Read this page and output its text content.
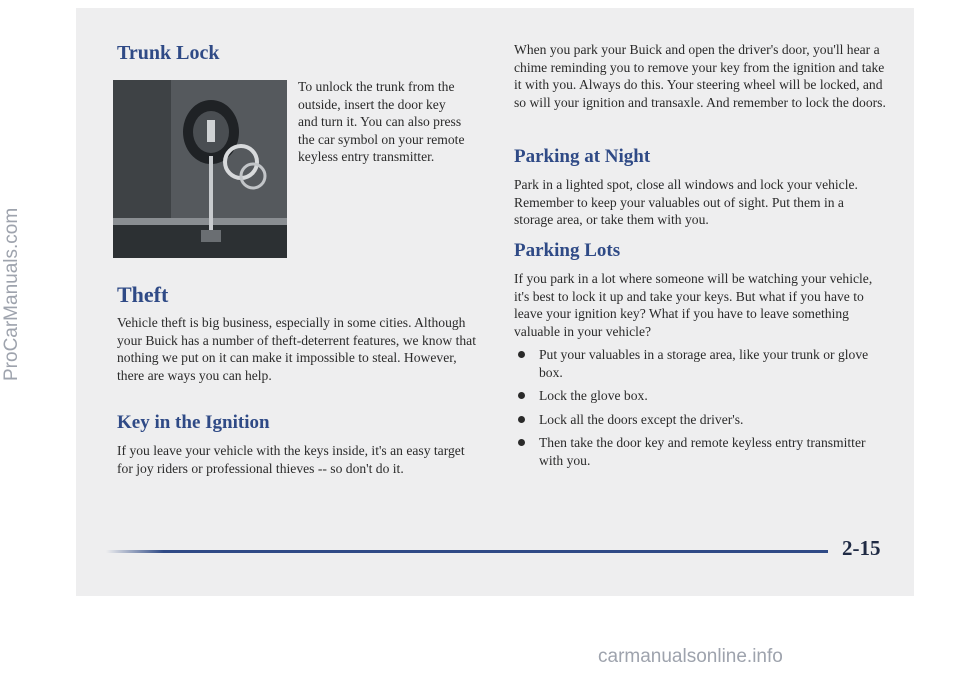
Trunk Lock

To unlock the trunk from the outside, insert the door key and turn it. You can also press the car symbol on your remote keyless entry transmitter.

Theft

Vehicle theft is big business, especially in some cities. Although your Buick has a number of theft-deterrent features, we know that nothing we put on it can make it impossible to steal. However, there are ways you can help.

Key in the Ignition

If you leave your vehicle with the keys inside, it's an easy target for joy riders or professional thieves -- so don't do it.

When you park your Buick and open the driver's door, you'll hear a chime reminding you to remove your key from the ignition and take it with you. Always do this. Your steering wheel will be locked, and so will your ignition and transaxle. And remember to lock the doors.

Parking at Night

Park in a lighted spot, close all windows and lock your vehicle. Remember to keep your valuables out of sight. Put them in a storage area, or take them with you.

Parking Lots

If you park in a lot where someone will be watching your vehicle, it's best to lock it up and take your keys. But what if you have to leave your ignition key? What if you have to leave something valuable in your vehicle?

Put your valuables in a storage area, like your trunk or glove box.
Lock the glove box.
Lock all the doors except the driver's.
Then take the door key and remote keyless entry transmitter with you.
2-15
ProCarManuals.com
carmanualsonline.info
